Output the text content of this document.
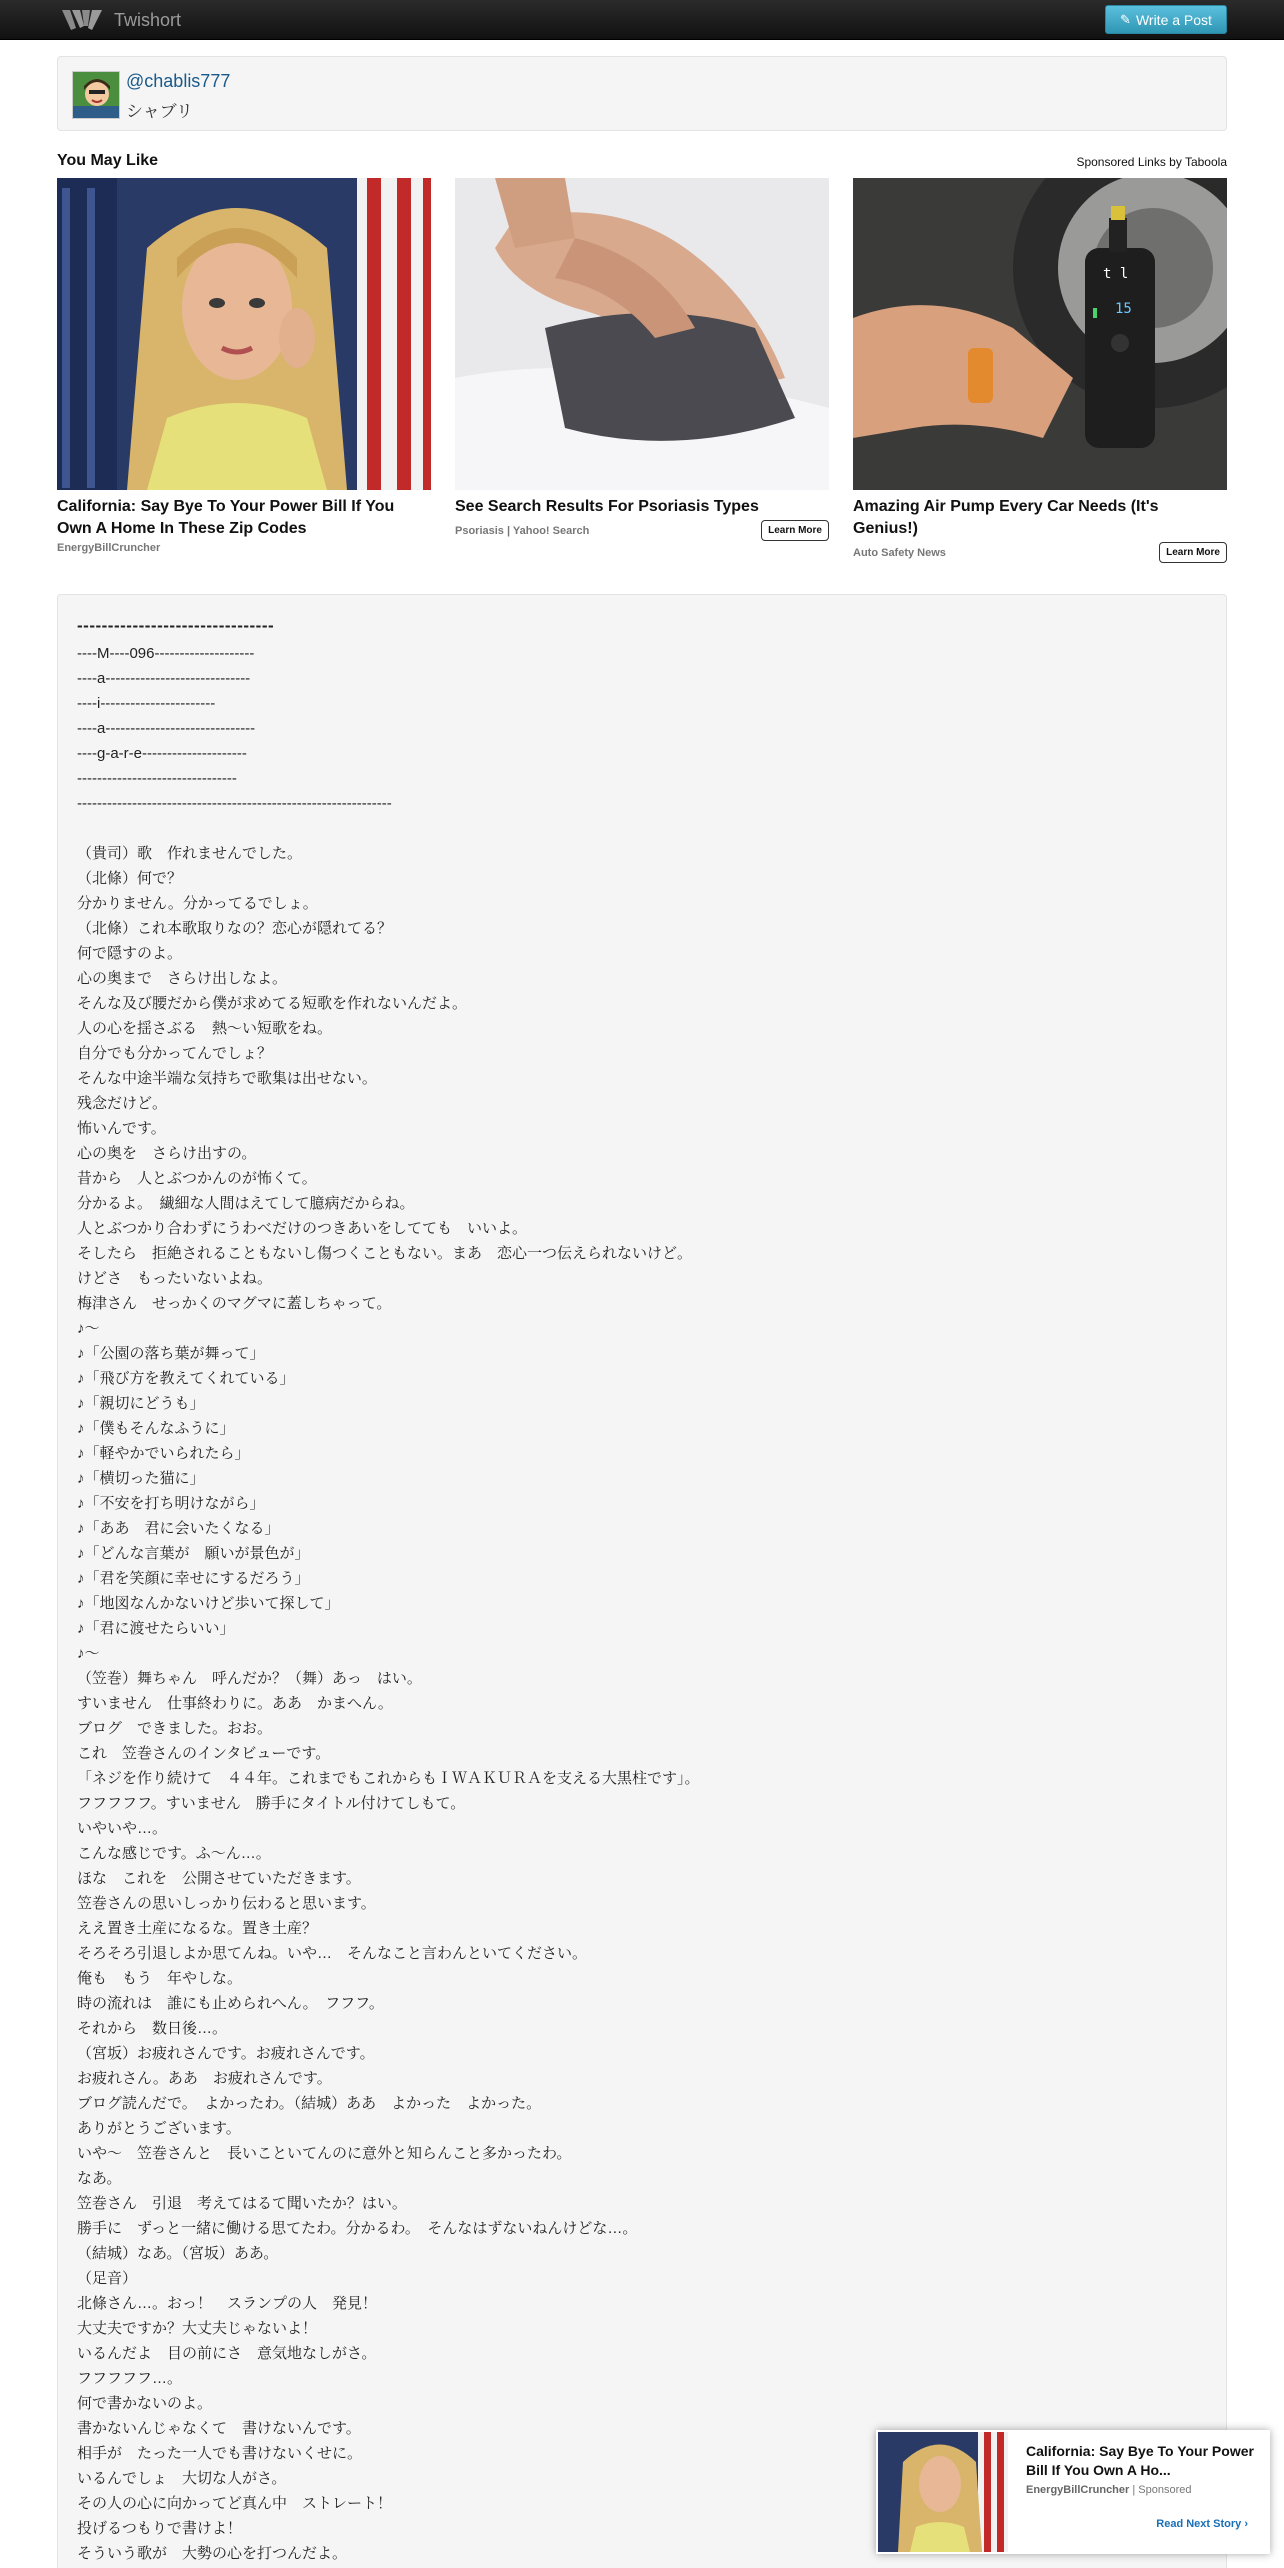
Twishort	✎ Write a Post
@chablis777
シャブリ
You May Like	Sponsored Links by Taboola
California: Say Bye To Your Power Bill If You Own A Home In These Zip Codes
EnergyBillCruncher
See Search Results For Psoriasis Types
Psoriasis | Yahoo! Search	Learn More
t l
15
Amazing Air Pump Every Car Needs (It's Genius!)
Auto Safety News	Learn More
--------------------------------
----M----096--------------------
----a-----------------------------
----i-----------------------
----a------------------------------
----g-a-r-e---------------------
--------------------------------
---------------------------------------------------------------
（貴司）歌　作れませんでした。
（北條）何で？
分かりません。分かってるでしょ。
（北條）これ本歌取りなの？恋心が隠れてる？
何で隠すのよ。
心の奥まで　さらけ出しなよ。
そんな及び腰だから僕が求めてる短歌を作れないんだよ。
人の心を揺さぶる　熱～い短歌をね。
自分でも分かってんでしょ？
そんな中途半端な気持ちで歌集は出せない。
残念だけど。
怖いんです。
心の奥を　さらけ出すの。
昔から　人とぶつかんのが怖くて。
分かるよ。　繊細な人間はえてして臆病だからね。
人とぶつかり合わずにうわべだけのつきあいをしてても　いいよ。
そしたら　拒絶されることもないし傷つくこともない。まあ　恋心一つ伝えられないけど。
けどさ　もったいないよね。
梅津さん　せっかくのマグマに蓋しちゃって。
♪～
♪「公園の落ち葉が舞って」
♪「飛び方を教えてくれている」
♪「親切にどうも」
♪「僕もそんなふうに」
♪「軽やかでいられたら」
♪「横切った猫に」
♪「不安を打ち明けながら」
♪「ああ　君に会いたくなる」
♪「どんな言葉が　願いが景色が」
♪「君を笑顔に幸せにするだろう」
♪「地図なんかないけど歩いて探して」
♪「君に渡せたらいい」
♪～
（笠巻）舞ちゃん　呼んだか？（舞）あっ　はい。
すいません　仕事終わりに。ああ　かまへん。
ブログ　できました。おお。
これ　笠巻さんのインタビューです。
「ネジを作り続けて　４４年。これまでもこれからもＩＷＡＫＵＲＡを支える大黒柱です」。
フフフフフ。すいません　勝手にタイトル付けてしもて。
いやいや…。
こんな感じです。ふ～ん…。
ほな　これを　公開させていただきます。
笠巻さんの思いしっかり伝わると思います。
ええ置き土産になるな。置き土産？
そろそろ引退しよか思てんね。いや…　そんなこと言わんといてください。
俺も　もう　年やしな。
時の流れは　誰にも止められへん。　フフフ。
それから　数日後…。
（宮坂）お疲れさんです。お疲れさんです。
お疲れさん。ああ　お疲れさんです。
ブログ読んだで。　よかったわ。（結城）ああ　よかった　よかった。
ありがとうございます。
いや～　笠巻さんと　長いこといてんのに意外と知らんこと多かったわ。
なあ。
笠巻さん　引退　考えてはるて聞いたか？はい。
勝手に　ずっと一緒に働ける思てたわ。分かるわ。　そんなはずないねんけどな…。
（結城）なあ。（宮坂）ああ。
（足音）
北條さん…。おっ！　スランプの人　発見！
大丈夫ですか？大丈夫じゃないよ！
いるんだよ　目の前にさ　意気地なしがさ。
フフフフフ…。
何で書かないのよ。
書かないんじゃなくて　書けないんです。
相手が　たった一人でも書けないくせに。
いるんでしょ　大切な人がさ。
その人の心に向かってど真ん中　ストレート！
投げるつもりで書けよ！
そういう歌が　大勢の心を打つんだよ。
California: Say Bye To Your Power Bill If You Own A Ho...
EnergyBillCruncher | Sponsored
Read Next Story ›
